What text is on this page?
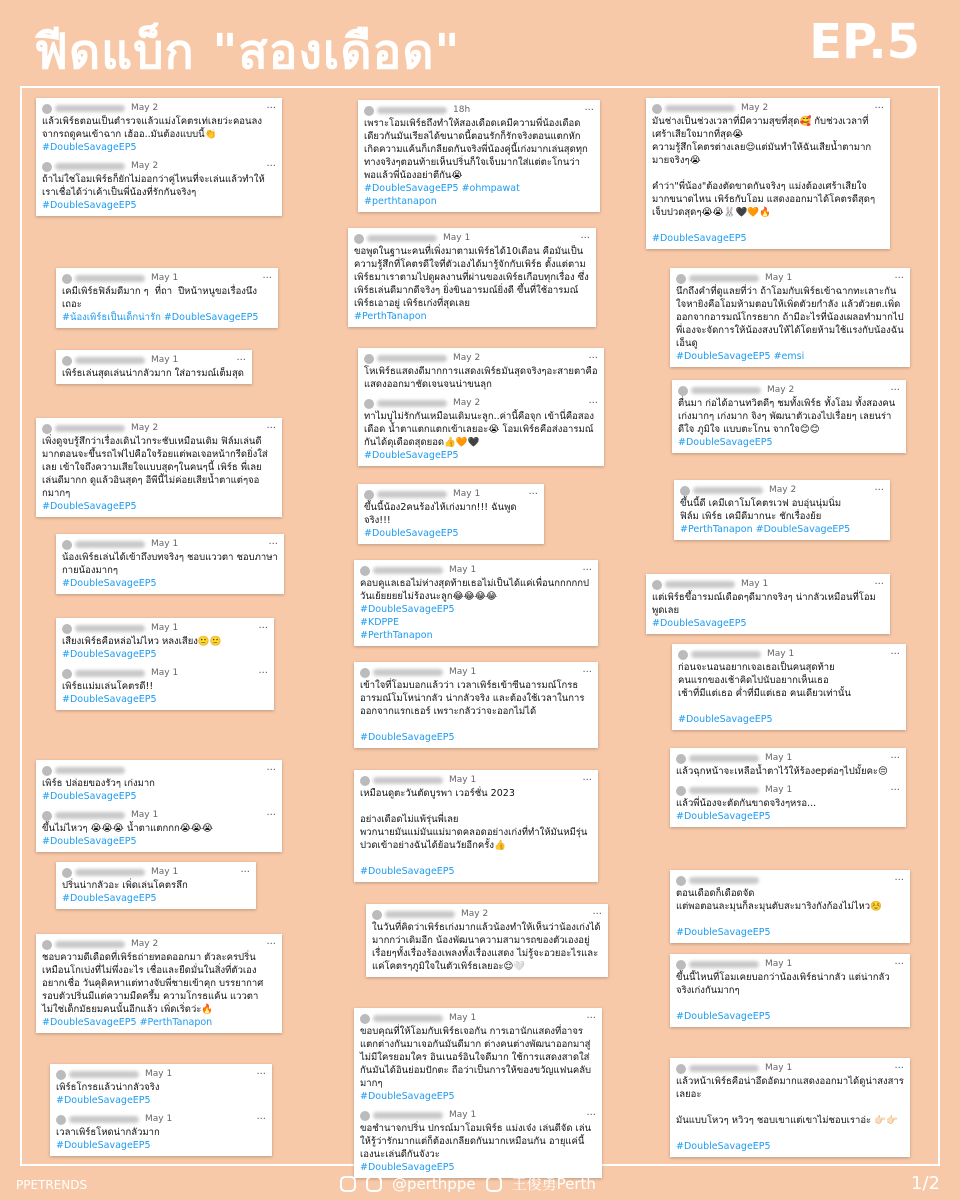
ฟีดแบ็ก "สองเดือด"	EP.5
May 2	···
แล้วเพิร์ธตอนเป็นตำรวจแล้วแม่งโคตรเท่เลยว่ะคอนลง จากรถดูคนเข้าฉาก เฮ้ออ..มันต้องแบบนี้👏
#DoubleSavageEP5
May 2	···
ถ้าไม่ใช่โอมเพิร์ธก็ยักไม่ออกว่าคู่ไหนที่จะเล่นแล้วทำให้เราเชื่อได้ว่าเค้าเป็นพี่น้องที่รักกันจริงๆ
#DoubleSavageEP5
May 1	···
เคมีเพิร์ธฟิล์มดีมาก ๆ  ที่ถา  ปีหน้าหนูขอเรื่องนึงเถอะ
#น้องเพิร์ธเป็นเด็กน่ารัก #DoubleSavageEP5
May 1	···
เพิร์ธเล่นสุดเล่นน่ากลัวมาก ใส่อารมณ์เต็มสุด
May 2	···
เพิ่งดูจบรู้สึกว่าเรื่องเดินไวกระชับเหมือนเดิม ฟิล์มเล่นดี มากตอนจะขึ้นรถไฟไปคือใจร้อยแต่พอเจอหน้ากรีดยิ่งใส่เลย เข้าใจถึงความเสียใจแบบสุดๆในคนๆนี้ เพิร์ธ พี่เลยเล่นดีมากก ดูแล้วอินสุดๆ อีพีนี้ไม่ค่อยเสียน้ำตาแต่ๆจอกมากๆ
#DoubleSavageEP5
May 1	···
น้องเพิร์ธเล่นได้เข้าถึงบทจริงๆ ชอบแววตา ชอบภาษากายน้องมากๆ
#DoubleSavageEP5
May 1	···
เสียงเพิร์ธคือหล่อไม่ไหว หลงเสียง🙂🙂
#DoubleSavageEP5
May 1	···
เพิร์ธแม่มเล่นโคตรดี!!
#DoubleSavageEP5
···
เพิร์ธ ปล่อยของรัวๆ เก่งมาก
#DoubleSavageEP5
May 1	···
ขึ้นไม่ไหวๆ 😭😭😭 น้ำตาแตกกก😭😭😭
#DoubleSavageEP5
May 1	···
ปริ่นน่ากลัวอะ เพิ่ดเล่นโคตรลึก
#DoubleSavageEP5
May 2	···
ชอบความดีเดือดที่เพิร์ธถ่ายทอดออกมา ตัวละครปริ่นเหมือนโกเบ่งที่ไม่พึ่งอะไร เชื่อและยืดมั่นในสิ่งที่ตัวเองอยากเชื่อ วันคุดิคหาแต่ทางจับพี่ชายเข้าคุก บรรยากาศรอบตัวปริ่นมีแต่ความมืดครึ้ม ความโกรธแค้น แววตาไม่ใช่เด็กมัธยมคนนั้นอีกแล้ว เพิ่ดเริ่ดว่ะ🔥
#DoubleSavageEP5 #PerthTanapon
May 1	···
เพิร์ธโกรธแล้วน่ากลัวจริง
#DoubleSavageEP5
May 1	···
เวลาเพิร์ธโหดน่ากลัวมาก
#DoubleSavageEP5
18h	···
เพราะโอมเพิร์ธถึงทำให้สองเดือดเคมีความพี่น้องเดือดเดียวกันมันเรียลได้ขนาดนี้ตอนรักก็รักจริงตอนแตกหักเกิดความแค้นก็เกลียดกันจริงพี่น้องคู่นี้เก่งมากเล่นสุดทุกทางจริงๆตอนท้ายเห็นปริ่นก็ใจเจ็บมากใส่แต่ตะโกนว่าพอแล้วพี่น้องอย่าตีกัน😭
#DoubleSavageEP5 #ohmpawat #perthtanapon
May 1	···
ขอพูดในฐานะคนที่เพิ่งมาตามเพิร์ธได้10เดือน คือมันเป็นความรู้สึกที่โคตรดีใจที่ตัวเองได้มารู้จักกับเพิร์ธ ตั้งแต่ตามเพิร์ธมาเราตามไปดูผลงานที่ผ่านของเพิร์ธเกือบทุกเรื่อง ซึ่งเพิร์ธเล่นดีมากดีจริงๆ ยิ่งขินอารมณ์ยิ่งดี ขึ้นที่ใช้อารมณ์เพิร์ธเอาอยู่ เพิร์ธเก่งที่สุดเลย
#PerthTanapon
May 2	···
โหเพิร์ธแสดงดีมากการแสดงเพิร์ธมันสุดจริงๆอะสายตาคือแสดงออกมาชัดเจนจนน่าขนลุก
May 2	···
ทาไมบูไม่รักกันเหมือนเดิมนะลูก..ค่านี้คือจุก เข้านี่คือสองเดือด น้ำตาแตกแตกเข้าเลยอะ😭 โอมเพิร์ธคือส่งอารมณ์กันได้ดุเดือดสุดยอด👍🧡🖤
#DoubleSavageEP5
May 1	···
ขึ้นนี้น้อง2คนร้องไห้เก่งมาก!!! ฉันพูดจริง!!!
#DoubleSavageEP5
May 1	···
คอบคูแลเธอไม่ห่างสุดท้ายเธอไม่เป็นได้แค่เพื่อนกกกกกปวันเย้ยยยยไม่ร้องนะลูก😂😂😂😂
#DoubleSavageEP5
#KDPPE
#PerthTanapon
May 1	···
เข้าใจที่โอมบอกแล้วว่า เวลาเพิร์ธเข้าซีนอารมณ์โกรธอารมณ์โมโหน่ากลัว น่ากลัวจริง และต้องใช้เวลาในการออกจากแรกเธอร์ เพราะกลัวว่าจะออกไม่ได้

#DoubleSavageEP5
May 1	···
เหมือนดูตะวันตัดบูรพา เวอร์ชั่น 2023

อย่างเดือดไม่แพ้รุ่นพี่เลย
พวกนายมันแม่มันแม่มาดคลอดอย่างเก่งที่ทำให้มันหมีรุ่นปวดเข้าอย่างฉันได้ย้อนวัยอีกครั้ง👍

#DoubleSavageEP5
May 2	···
ในวันที่คิดว่าเพิร์ธเก่งมากแล้วน้องทำให้เห็นว่าน้องเก่งได้มากกว่าเดิมอีก น้องพัฒนาความสามารถของตัวเองอยู่เรื่อยๆทั้งเรื่องร้องเพลงทั้งเรื่องแสดง ไม่รู้จะอวยอะไรและแค่โคตรๆภูมิใจในตัวเพิร์ธเลยอะ😌🤍
May 1	···
ขอบคุณที่ให้โอมกับเพิร์ธเจอกัน การเอานักแสดงที่อาจรแตกต่างกันมาเจอกันมันดีมาก ต่างคนต่างพัฒนาออกมาสู่ไม่มีใครยอมใคร อินเนอร์อินใจดีมาก ใช้การแสดงสาดใส่กันมันได้อินย่อมปักตะ ถือว่าเป็นการให้ของขวัญแฟนคลับมากๆ
#DoubleSavageEP5
May 1	···
ขอชำนาจกปริ่น ปกรณ์มาโอมเพิร์ธ แม่งเจ๋ง เล่นดีจัด เล่นให้รู้ว่ารักมากแต่ก็ต้องเกลียดกันมากเหมือนกัน อายุแค่นี้เองนะเล่นดีกันจังวะ
#DoubleSavageEP5
May 2	···
มันช่างเป็นช่วงเวลาที่มีความสุขที่สุด🥰 กับช่วงเวลาที่เศร้าเสียใจมากที่สุด😭
ความรู้สึกโคตรต่างเลย😌แต่มันทำให้ฉันเสียน้ำตามากมายจริงๆ😭

คำว่า"พี่น้อง"ต้องตัดขาดกันจริงๆ แม่งต้องเศร้าเสียใจมากขนาดไหน เพิร์ธกับโอม แสดงออกมาได้โคตรดีสุดๆ เจ็บปวดสุดๆ😭😭🐰🖤🧡🔥

#DoubleSavageEP5
May 1	···
นึกถึงคำที่ดูแลยที่ว่า ถ้าโอมกับเพิร์ธเข้าฉากทะเลาะกันใจหายิงคือโอมห้ามตอบให้เพิ่ดตัวยกำลัง แล้วตัวยต.เพิ่ดออกจากอารมณ์โกรธยาก ถ้ามีอะไรที่น้องเผลอทำมากไปพี่เองจะจัดการให้น้องสงบให้ได้โดยห้ามใช้แรงกับน้องฉันเอ็นดู
#DoubleSavageEP5 #emsi
May 2	···
ตื่นมา ก่อได้อานทวิตดีๆ ชมทั้งเพิร์ธ ทั้งโอม ทั้งสองคนเก่งมากๆ เก่งมาก จิงๆ พัฒนาตัวเองไปเรื่อยๆ เลยนร่า ดีใจ ภูมิใจ แบบตะโกน จากใจ😊😊
#DoubleSavageEP5
May 2	···
ขึ้นนี้ดี เคมีเดาโมโคตรเวฟ อบอุ่นนุ่มนิ่ม
ฟิล์ม เพิร์ธ เคมีดีมากนะ ชักเรื่องย้ย
#PerthTanapon #DoubleSavageEP5
May 1	···
แต่เพิร์ธขึ้อารมณ์เดือดๆดีมากจริงๆ น่ากลัวเหมือนที่โอมพูดเลย
#DoubleSavageEP5
May 1	···
ก่อนจะนอนอยากเจอเธอเป็นคนสุดท้าย
คนแรกของเช้าคิดไปนับอยากเห็นเธอ
เช้าที่มีแต่เธอ ค่ำที่มีแต่เธอ คนเดียวเท่านั้น

#DoubleSavageEP5
May 1	···
แล้วฉุกหน้าจะเหลือน้ำตาไว้ให้ร้องepต่อๆไปมั้ยคะ😔
May 1	···
แล้วพี่น้องจะตัดกันขาดจริงๆหรอ...
#DoubleSavageEP5
···
ตอนเดือดก็เดือดจัด
แต่พอตอนละมุนก็ละมุนตับสะมาริงกังก้องไม่ไหว☺️

#DoubleSavageEP5
May 1	···
ขึ้นนี้ไหนที่โอมเคยบอกว่าน้องเพิร์ธน่ากลัว แต่น่ากลัวจริงเก่งกันมากๆ

#DoubleSavageEP5
May 1	···
แล้วหน้าเพิร์ธคือน่าอึดอัดมากแสดงออกมาได้ดูน่าสงสารเลยอะ

มันแบบโหวๆ หวิวๆ ชอบเขาแต่เขาไม่ชอบเราอ่ะ 👉🏻👉🏻

#DoubleSavageEP5
PPETRENDS	@perthppe 王俊勇Perth	1/2
